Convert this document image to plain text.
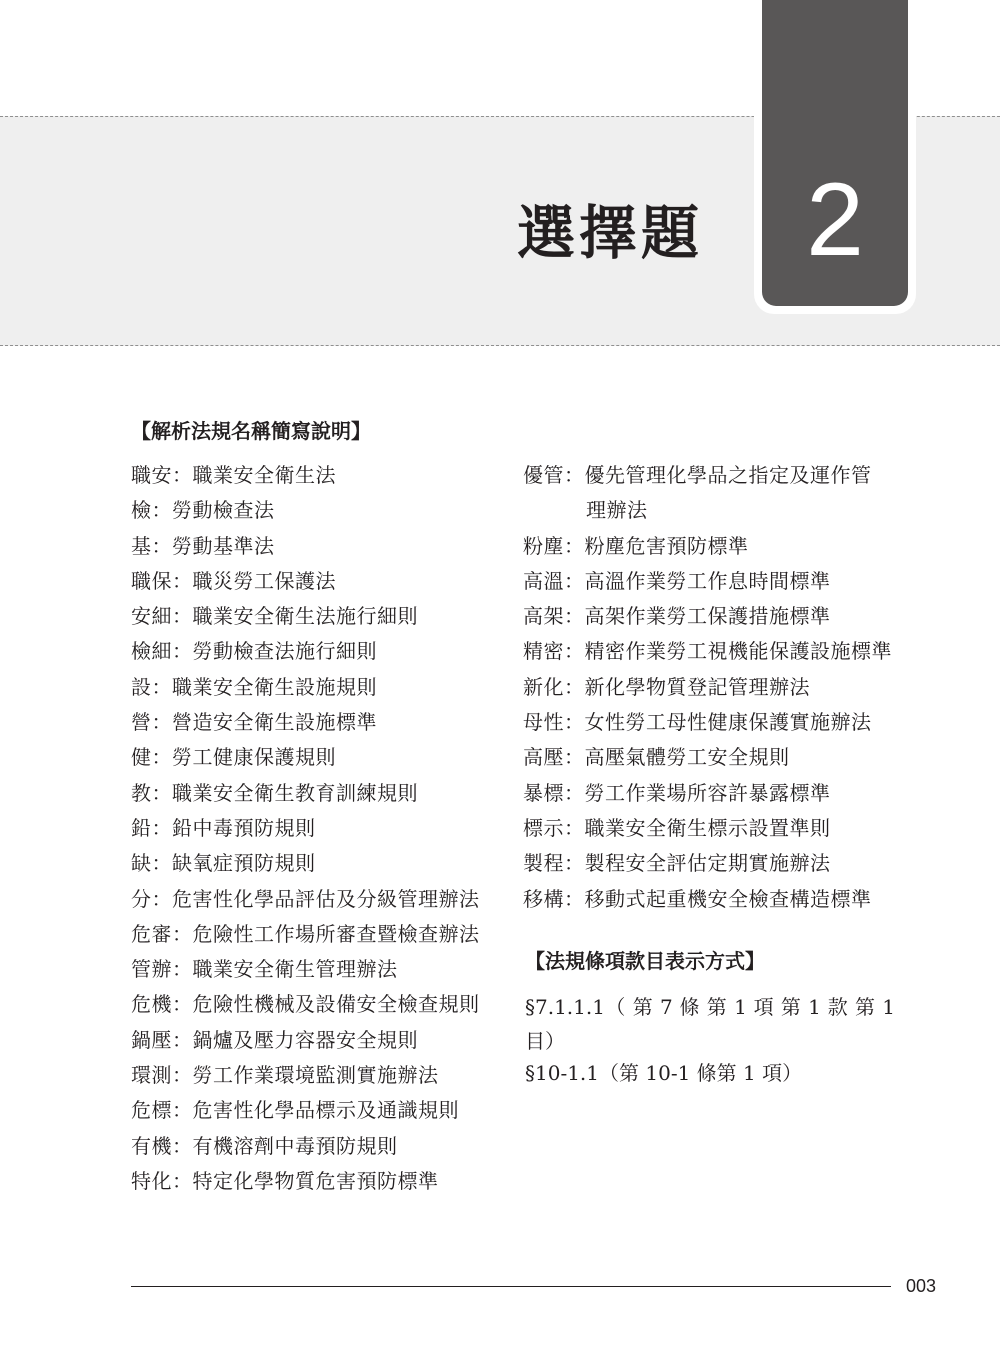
2
選擇題
【解析法規名稱簡寫說明】
職安：職業安全衛生法
檢：勞動檢查法
基：勞動基準法
職保：職災勞工保護法
安細：職業安全衛生法施行細則
檢細：勞動檢查法施行細則
設：職業安全衛生設施規則
營：營造安全衛生設施標準
健：勞工健康保護規則
教：職業安全衛生教育訓練規則
鉛：鉛中毒預防規則
缺：缺氧症預防規則
分：危害性化學品評估及分級管理辦法
危審：危險性工作場所審查暨檢查辦法
管辦：職業安全衛生管理辦法
危機：危險性機械及設備安全檢查規則
鍋壓：鍋爐及壓力容器安全規則
環測：勞工作業環境監測實施辦法
危標：危害性化學品標示及通識規則
有機：有機溶劑中毒預防規則
特化：特定化學物質危害預防標準
優管：優先管理化學品之指定及運作管
理辦法
粉塵：粉塵危害預防標準
高溫：高溫作業勞工作息時間標準
高架：高架作業勞工保護措施標準
精密：精密作業勞工視機能保護設施標準
新化：新化學物質登記管理辦法
母性：女性勞工母性健康保護實施辦法
高壓：高壓氣體勞工安全規則
暴標：勞工作業場所容許暴露標準
標示：職業安全衛生標示設置準則
製程：製程安全評估定期實施辦法
移構：移動式起重機安全檢查構造標準
【法規條項款目表示方式】
§7.1.1.1（ 第 7 條 第 1 項 第 1 款 第 1 目）
§10-1.1（第 10-1 條第 1 項）
003
